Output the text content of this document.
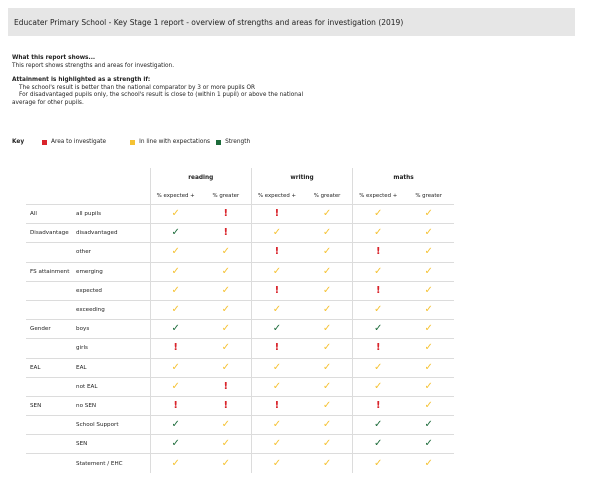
Educater Primary School - Key Stage 1 report - overview of strengths and areas for investigation (2019)
What this report shows...
This report shows strengths and areas for investigation.
Attainment is highlighted as a strength if:
The school's result is better than the national comparator by 3 or more pupils OR
For disadvantaged pupils only, the school's result is close to (within 1 pupil) or above the national
average for other pupils.
Key	Area to investigate	In line with expectations	Strength
		reading		writing		maths	
		% expected +	% greater	% expected +	% greater	% expected +	% greater
All	all pupils	✓	!	!	✓	✓	✓
Disadvantage	disadvantaged	✓	!	✓	✓	✓	✓
	other	✓	✓	!	✓	!	✓
FS attainment	emerging	✓	✓	✓	✓	✓	✓
	expected	✓	✓	!	✓	!	✓
	exceeding	✓	✓	✓	✓	✓	✓
Gender	boys	✓	✓	✓	✓	✓	✓
	girls	!	✓	!	✓	!	✓
EAL	EAL	✓	✓	✓	✓	✓	✓
	not EAL	✓	!	✓	✓	✓	✓
SEN	no SEN	!	!	!	✓	!	✓
	School Support	✓	✓	✓	✓	✓	✓
	SEN	✓	✓	✓	✓	✓	✓
	Statement / EHC	✓	✓	✓	✓	✓	✓
